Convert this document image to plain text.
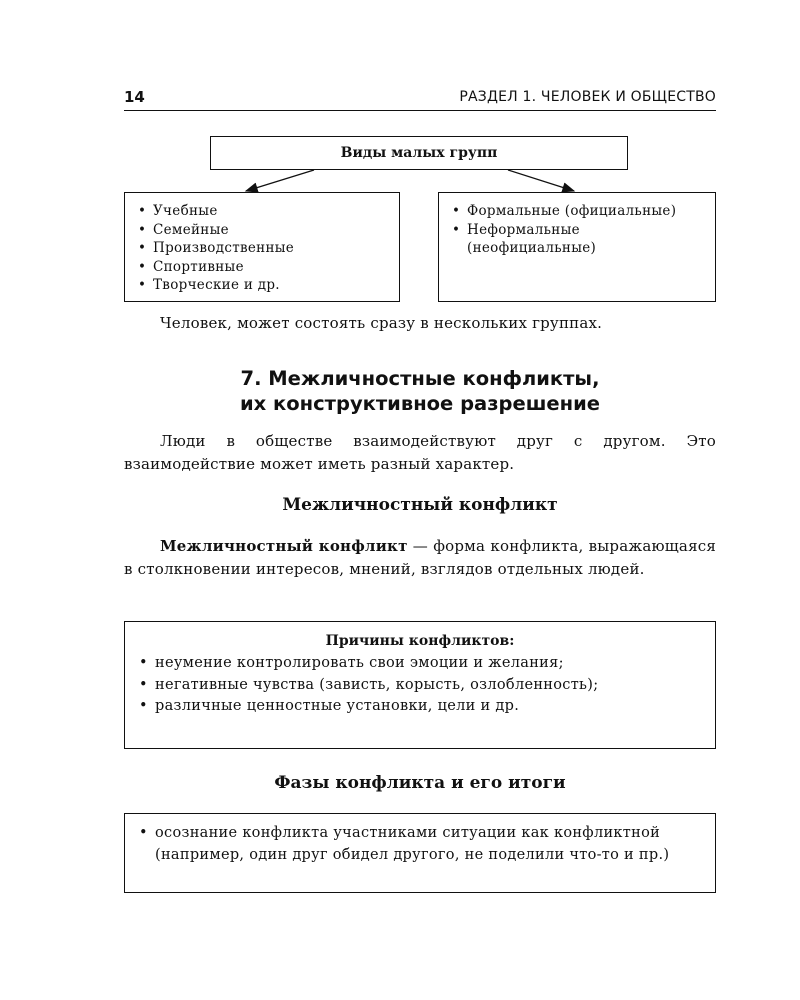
14	РАЗДЕЛ 1. ЧЕЛОВЕК И ОБЩЕСТВО
Виды малых групп
• Учебные
• Семейные
• Производственные
• Спортивные
• Творческие и др.
• Формальные (официальные)
• Неформальные (неофициальные)
Человек, может состоять сразу в нескольких группах.
7. Межличностные конфликты,
их конструктивное разрешение
Люди в обществе взаимодействуют друг с другом. Это взаимодействие может иметь разный характер.
Межличностный конфликт
Межличностный конфликт — форма конфликта, выражающаяся в столкновении интересов, мнений, взглядов отдельных людей.
Причины конфликтов:
• неумение контролировать свои эмоции и желания;
• негативные чувства (зависть, корысть, озлобленность);
• различные ценностные установки, цели и др.
Фазы конфликта и его итоги
• осознание конфликта участниками ситуации как конфликтной (например, один друг обидел другого, не поделили что-то и пр.)
